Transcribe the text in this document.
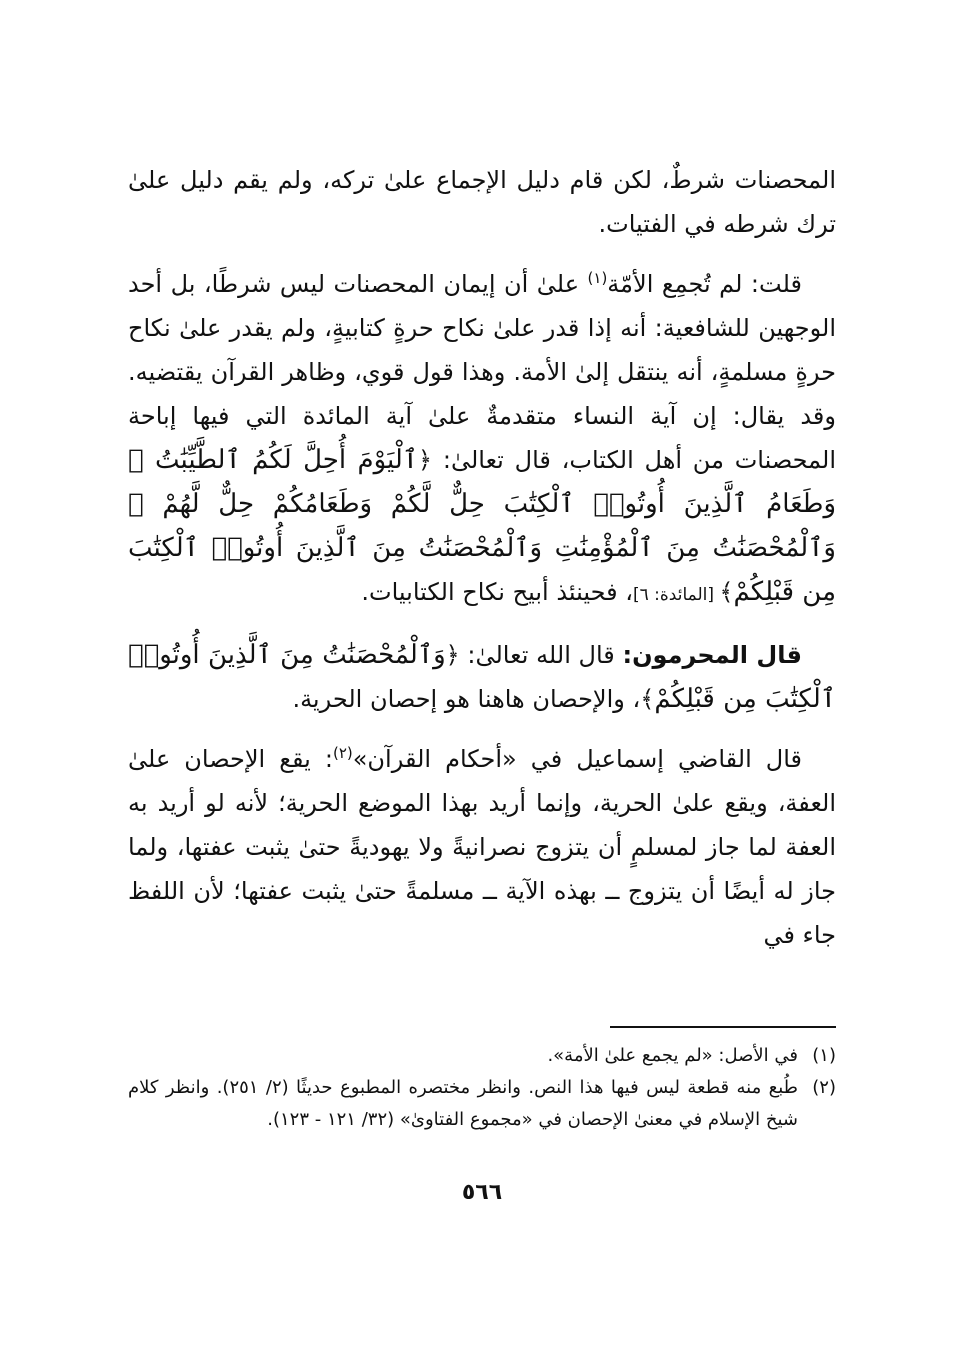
المحصنات شرطٌ، لكن قام دليل الإجماع علىٰ تركه، ولم يقم دليل علىٰ ترك شرطه في الفتيات.

قلت: لم تُجمِع الأمّة$^{(١)}$ علىٰ أن إيمان المحصنات ليس شرطًا، بل أحد الوجهين للشافعية: أنه إذا قدر علىٰ نكاح حرةٍ كتابيةٍ، ولم يقدر علىٰ نكاح حرةٍ مسلمةٍ، أنه ينتقل إلىٰ الأمة. وهذا قول قوي، وظاهر القرآن يقتضيه. وقد يقال: إن آية النساء متقدمةٌ علىٰ آية المائدة التي فيها إباحة المحصنات من أهل الكتاب، قال تعالىٰ: ﴿ٱلْيَوْمَ أُحِلَّ لَكُمُ ٱلطَّيِّبَٰتُ ۖ وَطَعَامُ ٱلَّذِينَ أُوتُوا۟ ٱلْكِتَٰبَ حِلٌّ لَّكُمْ وَطَعَامُكُمْ حِلٌّ لَّهُمْ ۖ وَٱلْمُحْصَنَٰتُ مِنَ ٱلْمُؤْمِنَٰتِ وَٱلْمُحْصَنَٰتُ مِنَ ٱلَّذِينَ أُوتُوا۟ ٱلْكِتَٰبَ مِن قَبْلِكُمْ﴾ [المائدة: ٦]، فحينئذ أبيح نكاح الكتابيات.

قال المحرمون: قال الله تعالىٰ: ﴿وَٱلْمُحْصَنَٰتُ مِنَ ٱلَّذِينَ أُوتُوا۟ ٱلْكِتَٰبَ مِن قَبْلِكُمْ﴾، والإحصان هاهنا هو إحصان الحرية.

قال القاضي إسماعيل في «أحكام القرآن»$^{(٢)}$: يقع الإحصان علىٰ العفة، ويقع علىٰ الحرية، وإنما أريد بهذا الموضع الحرية؛ لأنه لو أريد به العفة لما جاز لمسلمٍ أن يتزوج نصرانيةً ولا يهوديةً حتىٰ يثبت عفتها، ولما جاز له أيضًا أن يتزوج ــ بهذه الآية ــ مسلمةً حتىٰ يثبت عفتها؛ لأن اللفظ جاء في

(١)
في الأصل: «لم يجمع علىٰ الأمة».
(٢)
طُبع منه قطعة ليس فيها هذا النص. وانظر مختصره المطبوع حديثًا (٢/ ٢٥١). وانظر كلام شيخ الإسلام في معنىٰ الإحصان في «مجموع الفتاوىٰ» (٣٢/ ١٢١ - ١٢٣).
٥٦٦
